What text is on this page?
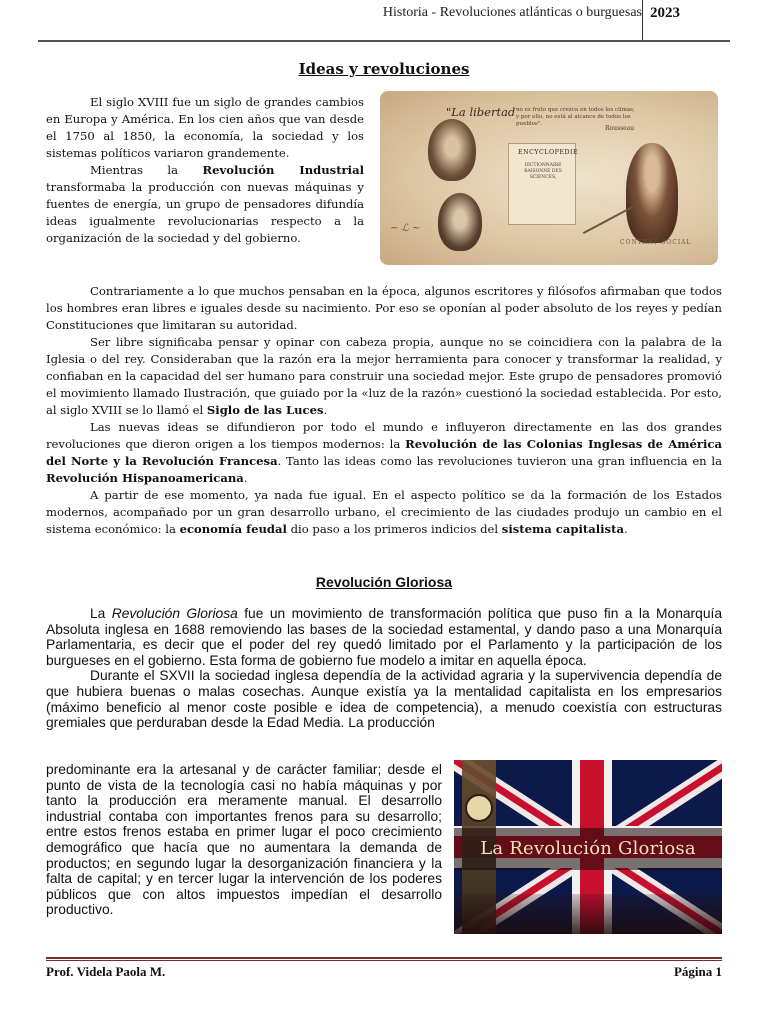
Historia - Revoluciones atlánticas o burguesas 2023
Ideas y revoluciones

El siglo XVIII fue un siglo de grandes cambios en Europa y América. En los cien años que van desde el 1750 al 1850, la economía, la sociedad y los sistemas políticos variaron grandemente.

Mientras la Revolución Industrial transformaba la producción con nuevas máquinas y fuentes de energía, un grupo de pensadores difundía ideas igualmente revolucionarias respecto a la organización de la sociedad y del gobierno.

"La libertad no es fruto que crezca en todos los climas, y por ello, no está al alcance de todos los pueblos".
Rousseau
ENCYCLOPEDIE
DICTIONNAIRE RAISONNÉ DES SCIENCES,
~ ℒ ~
CONTRAT SOCIAL

Contrariamente a lo que muchos pensaban en la época, algunos escritores y filósofos afirmaban que todos los hombres eran libres e iguales desde su nacimiento. Por eso se oponían al poder absoluto de los reyes y pedían Constituciones que limitaran su autoridad.

Ser libre significaba pensar y opinar con cabeza propia, aunque no se coincidiera con la palabra de la Iglesia o del rey. Consideraban que la razón era la mejor herramienta para conocer y transformar la realidad, y confiaban en la capacidad del ser humano para construir una sociedad mejor. Este grupo de pensadores promovió el movimiento llamado Ilustración, que guiado por la «luz de la razón» cuestionó la sociedad establecida. Por esto, al siglo XVIII se lo llamó el Siglo de las Luces.

Las nuevas ideas se difundieron por todo el mundo e influyeron directamente en las dos grandes revoluciones que dieron origen a los tiempos modernos: la Revolución de las Colonias Inglesas de América del Norte y la Revolución Francesa. Tanto las ideas como las revoluciones tuvieron una gran influencia en la Revolución Hispanoamericana.

A partir de ese momento, ya nada fue igual. En el aspecto político se da la formación de los Estados modernos, acompañado por un gran desarrollo urbano, el crecimiento de las ciudades produjo un cambio en el sistema económico: la economía feudal dio paso a los primeros indicios del sistema capitalista.

Revolución Gloriosa

La Revolución Gloriosa fue un movimiento de transformación política que puso fin a la Monarquía Absoluta inglesa en 1688 removiendo las bases de la sociedad estamental, y dando paso a una Monarquía Parlamentaria, es decir que el poder del rey quedó limitado por el Parlamento y la participación de los burgueses en el gobierno. Esta forma de gobierno fue modelo a imitar en aquella época.

Durante el SXVII la sociedad inglesa dependía de la actividad agraria y la supervivencia dependía de que hubiera buenas o malas cosechas. Aunque existía ya la mentalidad capitalista en los empresarios (máximo beneficio al menor coste posible e idea de competencia), a menudo coexistía con estructuras gremiales que perduraban desde la Edad Media. La producción

predominante era la artesanal y de carácter familiar; desde el punto de vista de la tecnología casi no había máquinas y por tanto la producción era meramente manual. El desarrollo industrial contaba con importantes frenos para su desarrollo; entre estos frenos estaba en primer lugar el poco crecimiento demográfico que hacía que no aumentara la demanda de productos; en segundo lugar la desorganización financiera y la falta de capital; y en tercer lugar la intervención de los poderes públicos que con altos impuestos impedían el desarrollo productivo.
La Revolución Gloriosa
Prof. Videla Paola M.	Página 1
